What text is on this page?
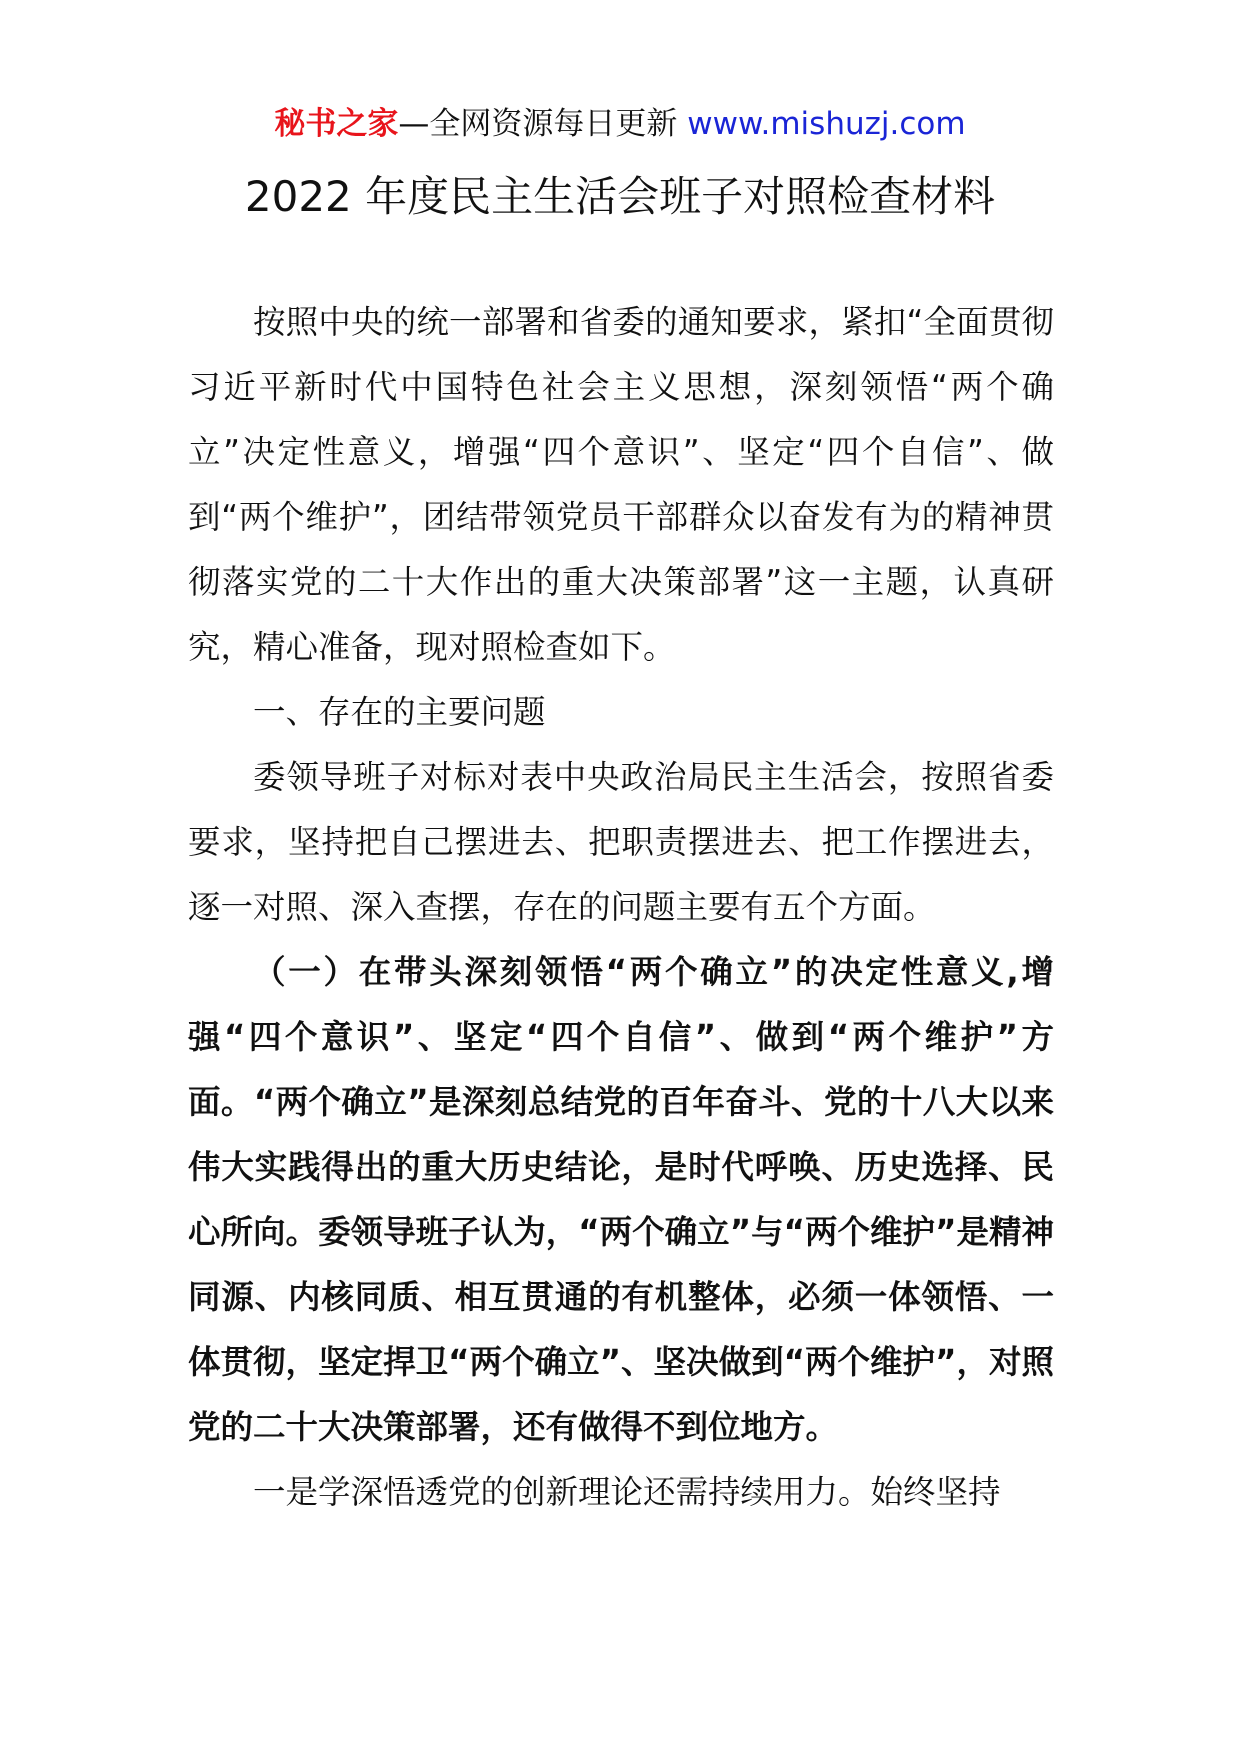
秘书之家—全网资源每日更新 www.mishuzj.com
2022 年度民主生活会班子对照检查材料

按照中央的统一部署和省委的通知要求，紧扣“全面贯彻习近平新时代中国特色社会主义思想，深刻领悟“两个确立”决定性意义，增强“四个意识”、坚定“四个自信”、做到“两个维护”，团结带领党员干部群众以奋发有为的精神贯彻落实党的二十大作出的重大决策部署”这一主题，认真研究，精心准备，现对照检查如下。

一、存在的主要问题

委领导班子对标对表中央政治局民主生活会，按照省委要求，坚持把自己摆进去、把职责摆进去、把工作摆进去，逐一对照、深入查摆，存在的问题主要有五个方面。

（一）在带头深刻领悟“两个确立”的决定性意义,增强“四个意识”、坚定“四个自信”、做到“两个维护”方面。“两个确立”是深刻总结党的百年奋斗、党的十八大以来伟大实践得出的重大历史结论，是时代呼唤、历史选择、民心所向。委领导班子认为，“两个确立”与“两个维护”是精神同源、内核同质、相互贯通的有机整体，必须一体领悟、一体贯彻，坚定捍卫“两个确立”、坚决做到“两个维护”，对照党的二十大决策部署，还有做得不到位地方。

一是学深悟透党的创新理论还需持续用力。始终坚持
